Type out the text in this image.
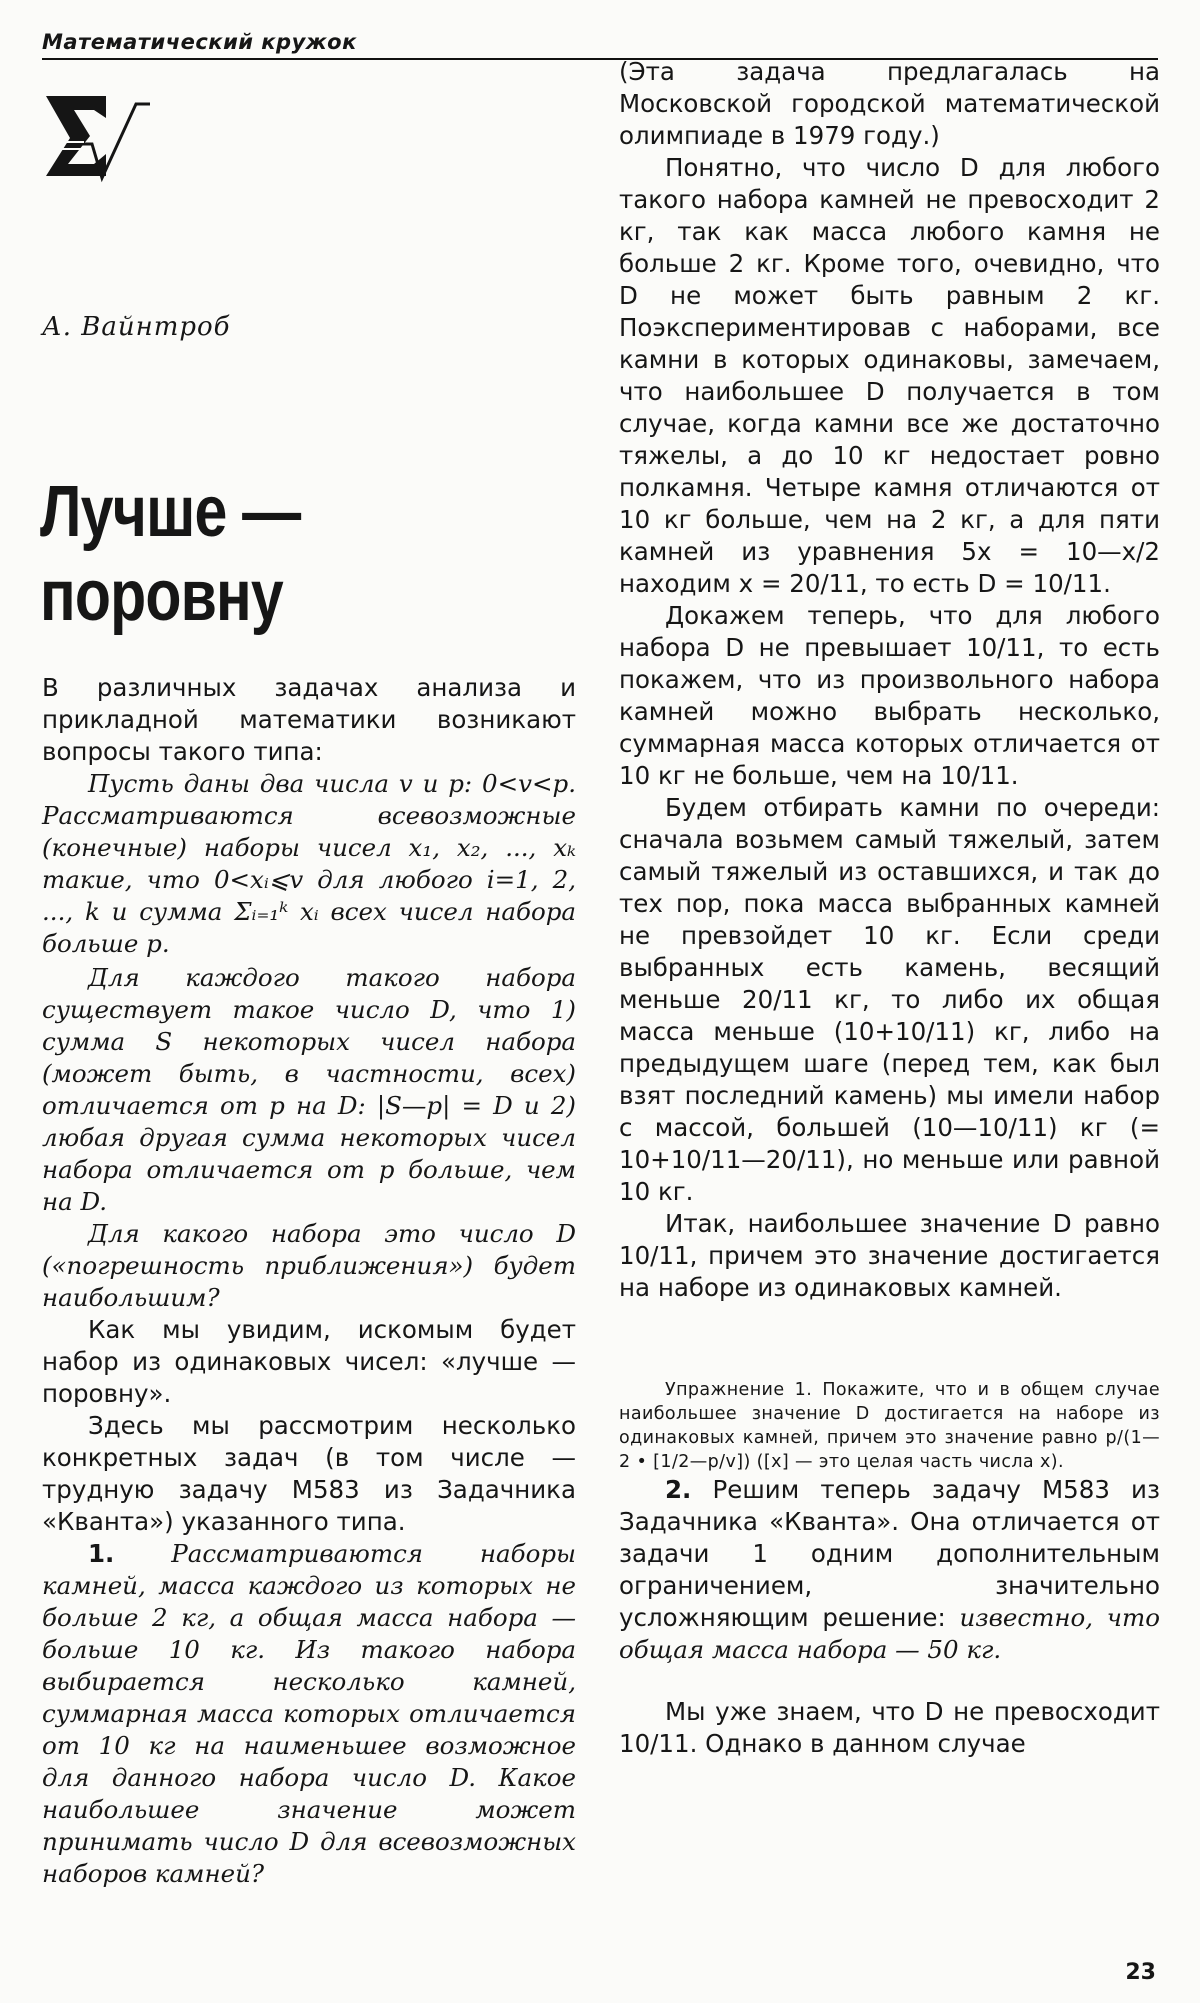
Математический кружок
А. Вайнтроб
Лучше —
поровну

В различных задачах анализа и прикладной математики возникают вопросы такого типа:

Пусть даны два числа v и p: 0<v<p. Рассматриваются всевозможные (конечные) наборы чисел x₁, x₂, ..., xₖ такие, что 0<xᵢ⩽v для любого i=1, 2, ..., k и сумма Σᵢ₌₁ᵏ xᵢ всех чисел набора больше p.

Для каждого такого набора существует такое число D, что 1) сумма S некоторых чисел набора (может быть, в частности, всех) отличается от p на D: |S—p| = D и 2) любая другая сумма некоторых чисел набора отличается от p больше, чем на D.

Для какого набора это число D («погрешность приближения») будет наибольшим?

Как мы увидим, искомым будет набор из одинаковых чисел: «лучше — поровну».

Здесь мы рассмотрим несколько конкретных задач (в том числе — трудную задачу М583 из Задачника «Кванта») указанного типа.

1. Рассматриваются наборы камней, масса каждого из которых не больше 2 кг, а общая масса набора — больше 10 кг. Из такого набора выбирается несколько камней, суммарная масса которых отличается от 10 кг на наименьшее возможное для данного набора число D. Какое наибольшее значение может принимать число D для всевозможных наборов камней?

(Эта задача предлагалась на Московской городской математической олимпиаде в 1979 году.)

Понятно, что число D для любого такого набора камней не превосходит 2 кг, так как масса любого камня не больше 2 кг. Кроме того, очевидно, что D не может быть равным 2 кг. Поэкспериментировав с наборами, все камни в которых одинаковы, замечаем, что наибольшее D получается в том случае, когда камни все же достаточно тяжелы, а до 10 кг недостает ровно полкамня. Четыре камня отличаются от 10 кг больше, чем на 2 кг, а для пяти камней из уравнения 5x = 10—x/2 находим x = 20/11, то есть D = 10/11.

Докажем теперь, что для любого набора D не превышает 10/11, то есть покажем, что из произвольного набора камней можно выбрать несколько, суммарная масса которых отличается от 10 кг не больше, чем на 10/11.

Будем отбирать камни по очереди: сначала возьмем самый тяжелый, затем самый тяжелый из оставшихся, и так до тех пор, пока масса выбранных камней не превзойдет 10 кг. Если среди выбранных есть камень, весящий меньше 20/11 кг, то либо их общая масса меньше (10+10/11) кг, либо на предыдущем шаге (перед тем, как был взят последний камень) мы имели набор с массой, большей (10—10/11) кг (= 10+10/11—20/11), но меньше или равной 10 кг.

Итак, наибольшее значение D равно 10/11, причем это значение достигается на наборе из одинаковых камней.

Упражнение 1. Покажите, что и в общем случае наибольшее значение D достигается на наборе из одинаковых камней, причем это значение равно p/(1—2 • [1/2—p/v]) ([x] — это целая часть числа x).

2. Решим теперь задачу М583 из Задачника «Кванта». Она отличается от задачи 1 одним дополнительным ограничением, значительно усложняющим решение: известно, что общая масса набора — 50 кг.

Мы уже знаем, что D не превосходит 10/11. Однако в данном случае

23
